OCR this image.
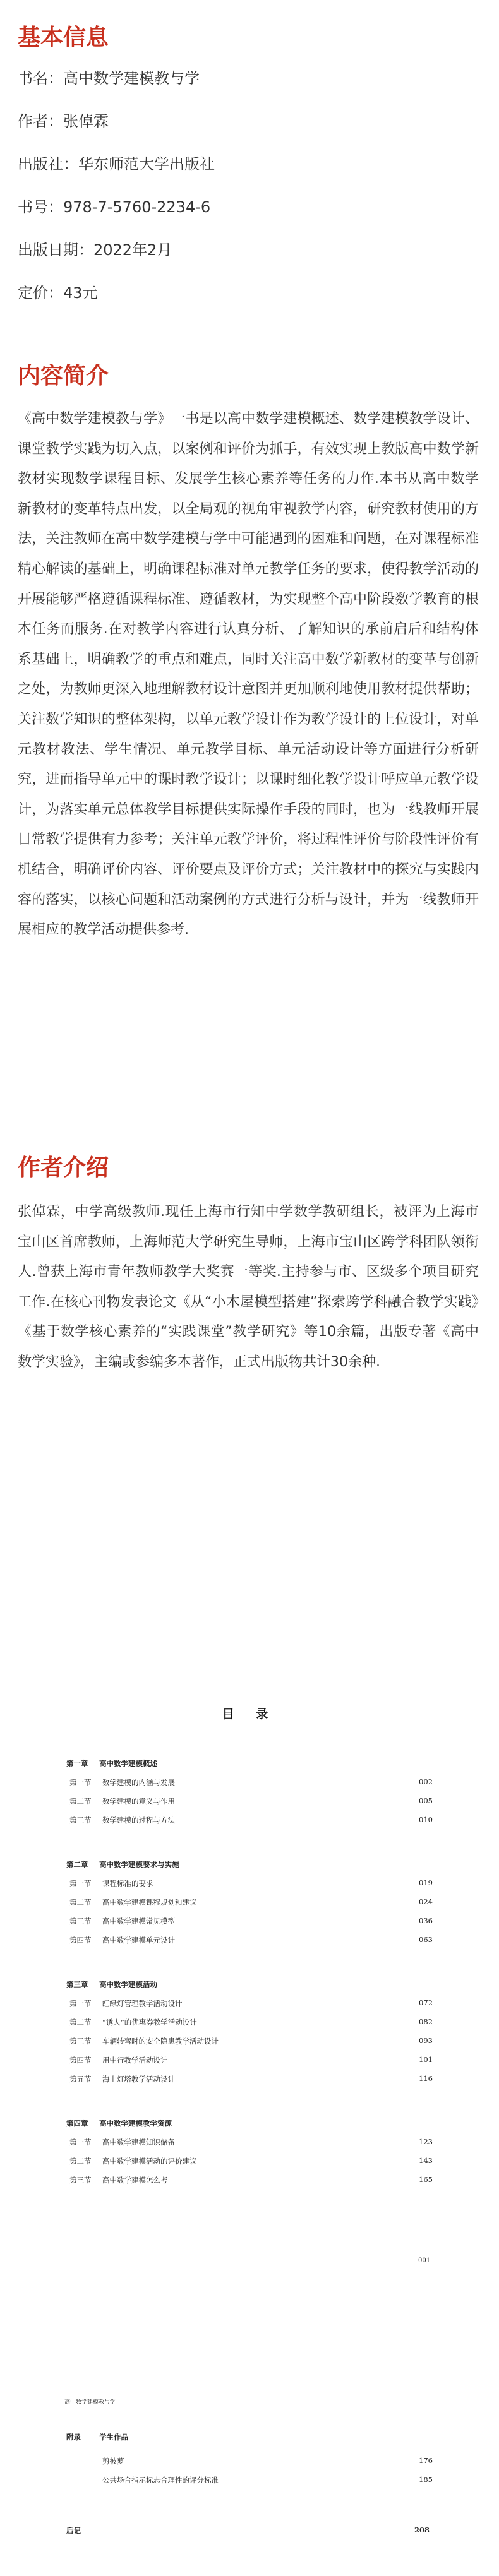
基本信息
书名：高中数学建模教与学
作者：张倬霖
出版社：华东师范大学出版社
书号：978-7-5760-2234-6
出版日期：2022年2月
定价：43元
内容简介

《高中数学建模教与学》一书是以高中数学建模概述、数学建模教学设计、课堂教学实践为切入点，以案例和评价为抓手，有效实现上教版高中数学新教材实现数学课程目标、发展学生核心素养等任务的力作.本书从高中数学新教材的变革特点出发，以全局观的视角审视教学内容，研究教材使用的方法，关注教师在高中数学建模与学中可能遇到的困难和问题，在对课程标准精心解读的基础上，明确课程标准对单元教学任务的要求，使得教学活动的开展能够严格遵循课程标准、遵循教材，为实现整个高中阶段数学教育的根本任务而服务.在对教学内容进行认真分析、了解知识的承前启后和结构体系基础上，明确教学的重点和难点，同时关注高中数学新教材的变革与创新之处，为教师更深入地理解教材设计意图并更加顺利地使用教材提供帮助；关注数学知识的整体架构，以单元教学设计作为教学设计的上位设计，对单元教材教法、学生情况、单元教学目标、单元活动设计等方面进行分析研究，进而指导单元中的课时教学设计；以课时细化教学设计呼应单元教学设计，为落实单元总体教学目标提供实际操作手段的同时，也为一线教师开展日常教学提供有力参考；关注单元教学评价，将过程性评价与阶段性评价有机结合，明确评价内容、评价要点及评价方式；关注教材中的探究与实践内容的落实，以核心问题和活动案例的方式进行分析与设计，并为一线教师开展相应的教学活动提供参考.

作者介绍

张倬霖，中学高级教师.现任上海市行知中学数学教研组长，被评为上海市宝山区首席教师，上海师范大学研究生导师，上海市宝山区跨学科团队领衔人.曾获上海市青年教师教学大奖赛一等奖.主持参与市、区级多个项目研究工作.在核心刊物发表论文《从“小木屋模型搭建”探索跨学科融合教学实践》《基于数学核心素养的“实践课堂”教学研究》等10余篇，出版专著《高中数学实验》，主编或参编多本著作，正式出版物共计30余种.

目 录
第一章 高中数学建模概述
第一节 数学建模的内涵与发展	002
第二节 数学建模的意义与作用	005
第三节 数学建模的过程与方法	010
第二章 高中数学建模要求与实施
第一节 课程标准的要求	019
第二节 高中数学建模课程规划和建议	024
第三节 高中数学建模常见模型	036
第四节 高中数学建模单元设计	063
第三章 高中数学建模活动
第一节 红绿灯管理教学活动设计	072
第二节 “诱人”的优惠券教学活动设计	082
第三节 车辆转弯时的安全隐患教学活动设计	093
第四节 用中行教学活动设计	101
第五节 海上灯塔教学活动设计	116
第四章 高中数学建模教学资源
第一节 高中数学建模知识储备	123
第二节 高中数学建模活动的评价建议	143
第三节 高中数学建模怎么考	165
001
高中数学建模教与学
附录	学生作品
剪披萝	176
公共场合指示标志合理性的评分标准	185
后记	208
